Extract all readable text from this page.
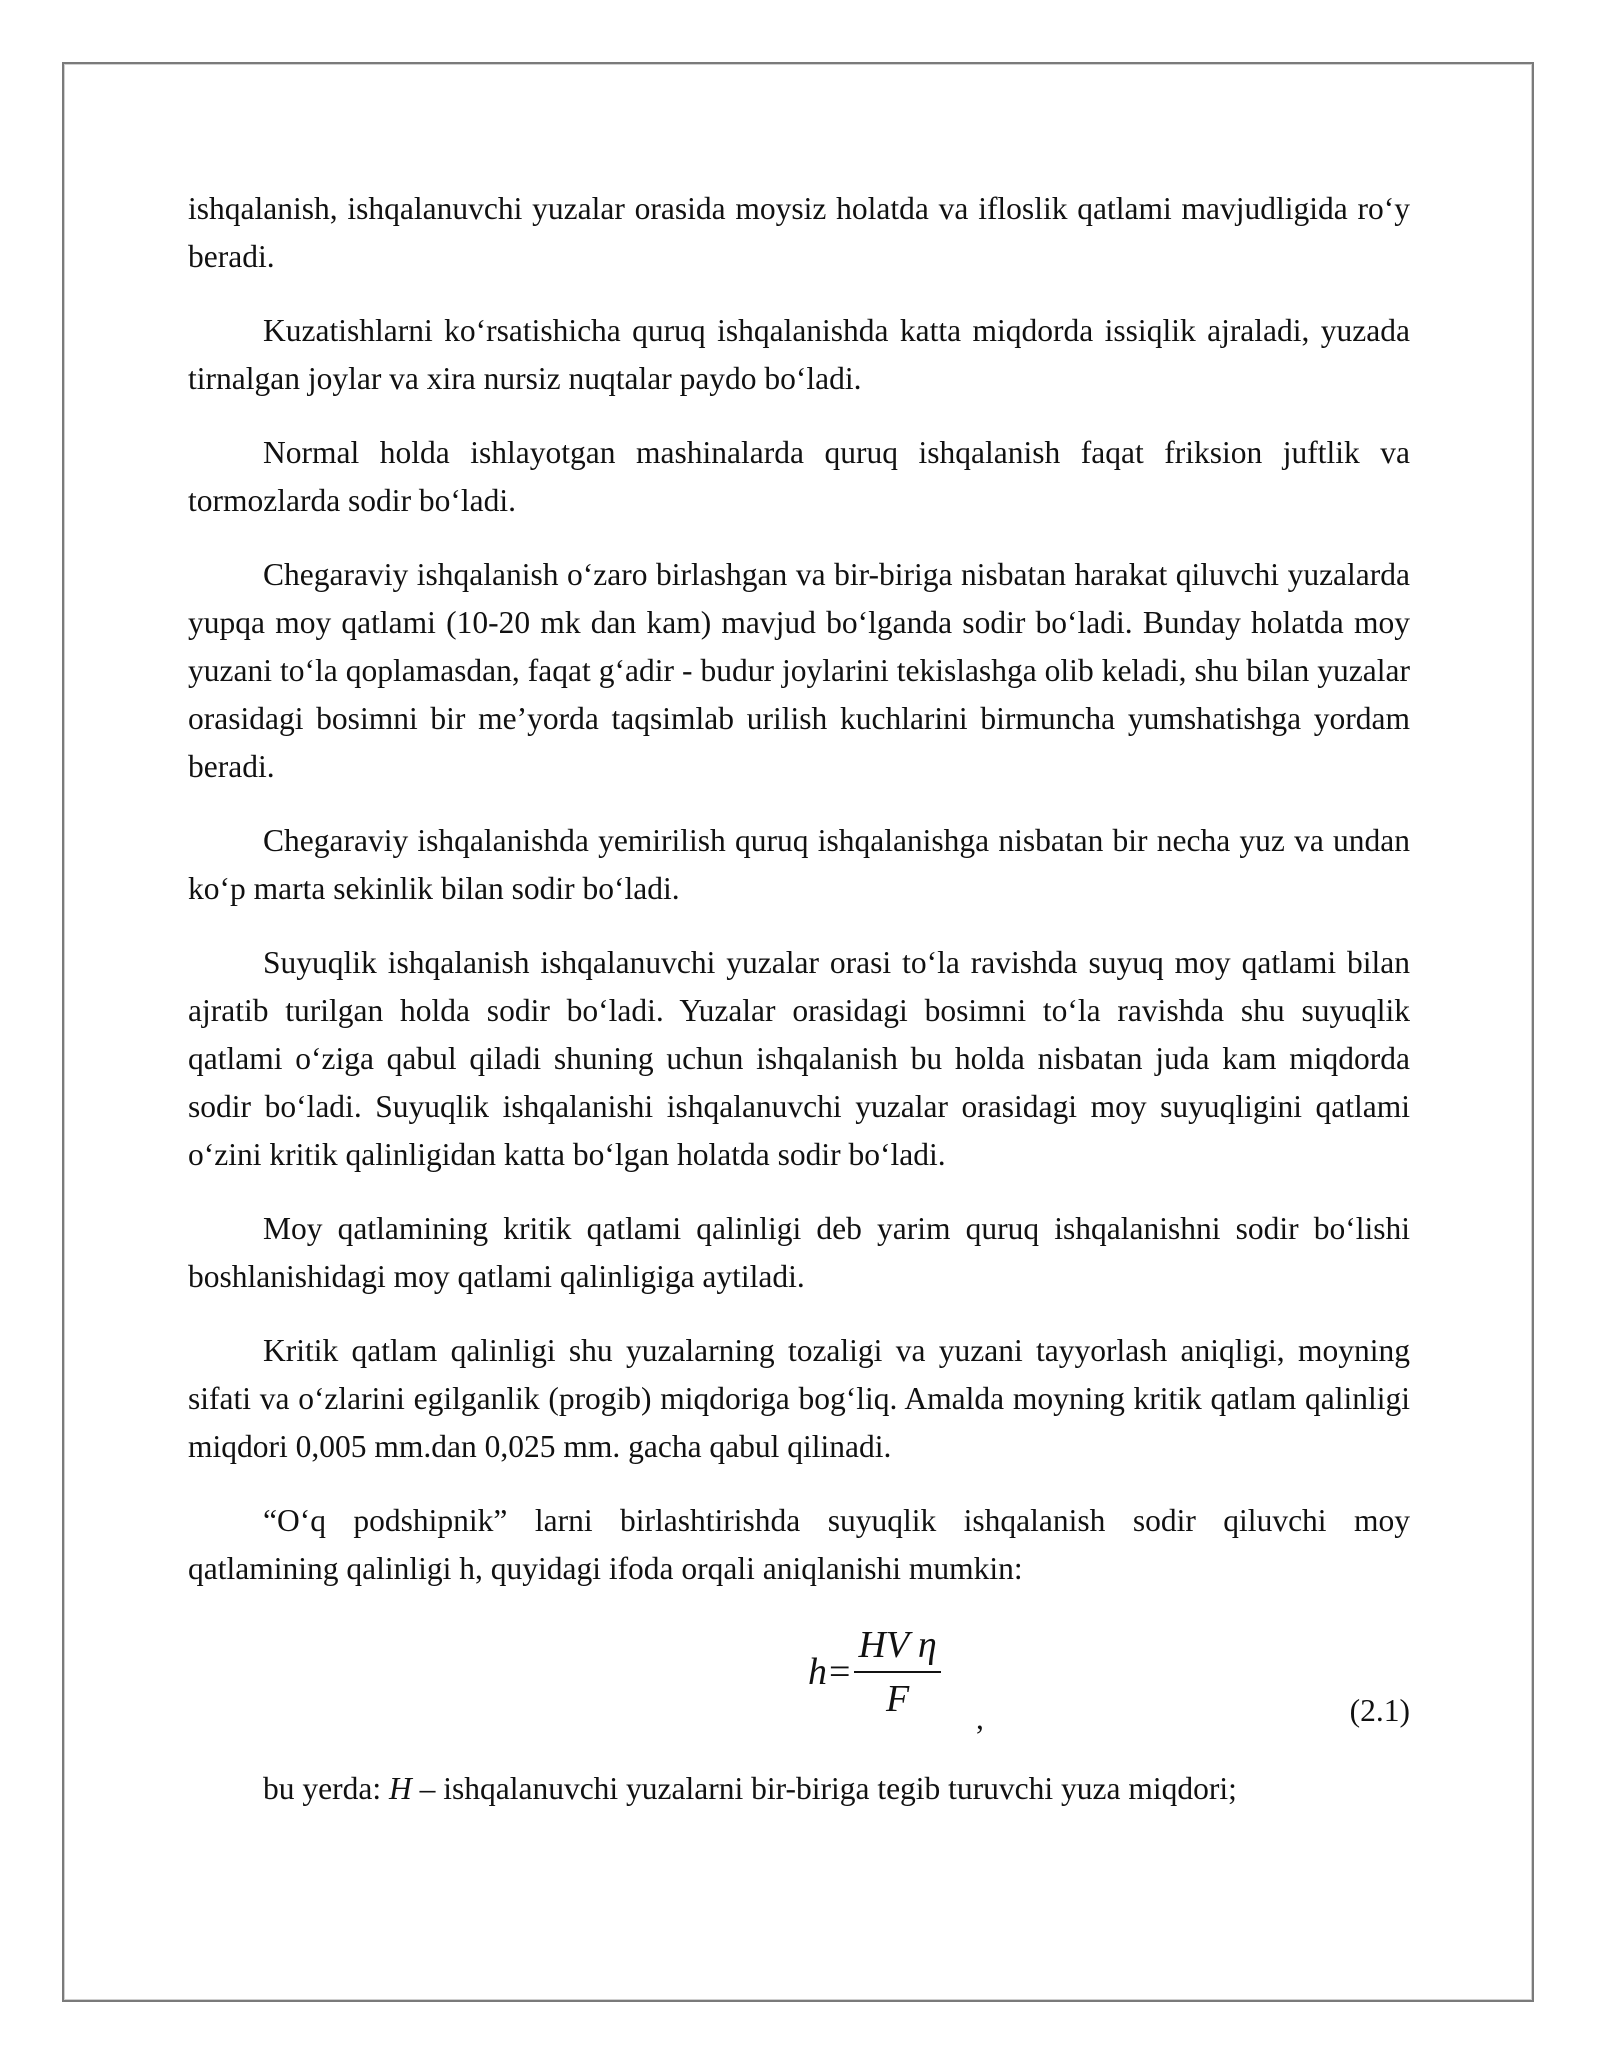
ishqalanish, ishqalanuvchi yuzalar orasida moysiz holatda va ifloslik qatlami mavjudligida ro‘y beradi.

Kuzatishlarni ko‘rsatishicha quruq ishqalanishda katta miqdorda issiqlik ajraladi, yuzada tirnalgan joylar va xira nursiz nuqtalar paydo bo‘ladi.

Normal holda ishlayotgan mashinalarda quruq ishqalanish faqat friksion juftlik va tormozlarda sodir bo‘ladi.

Chegaraviy ishqalanish o‘zaro birlashgan va bir-biriga nisbatan harakat qiluvchi yuzalarda yupqa moy qatlami (10-20 mk dan kam) mavjud bo‘lganda sodir bo‘ladi. Bunday holatda moy yuzani to‘la qoplamasdan, faqat g‘adir - budur joylarini tekislashga olib keladi, shu bilan yuzalar orasidagi bosimni bir me’yorda taqsimlab urilish kuchlarini birmuncha yumshatishga yordam beradi.

Chegaraviy ishqalanishda yemirilish quruq ishqalanishga nisbatan bir necha yuz va undan ko‘p marta sekinlik bilan sodir bo‘ladi.

Suyuqlik ishqalanish ishqalanuvchi yuzalar orasi to‘la ravishda suyuq moy qatlami bilan ajratib turilgan holda sodir bo‘ladi. Yuzalar orasidagi bosimni to‘la ravishda shu suyuqlik qatlami o‘ziga qabul qiladi shuning uchun ishqalanish bu holda nisbatan juda kam miqdorda sodir bo‘ladi. Suyuqlik ishqalanishi ishqalanuvchi yuzalar orasidagi moy suyuqligini qatlami o‘zini kritik qalinligidan katta bo‘lgan holatda sodir bo‘ladi.

Moy qatlamining kritik qatlami qalinligi deb yarim quruq ishqalanishni sodir bo‘lishi boshlanishidagi moy qatlami qalinligiga aytiladi.

Kritik qatlam qalinligi shu yuzalarning tozaligi va yuzani tayyorlash aniqligi, moyning sifati va o‘zlarini egilganlik (progib) miqdoriga bog‘liq. Amalda moyning kritik qatlam qalinligi miqdori 0,005 mm.dan 0,025 mm. gacha qabul qilinadi.

“O‘q podshipnik” larni birlashtirishda suyuqlik ishqalanish sodir qiluvchi moy qatlamining qalinligi h, quyidagi ifoda orqali aniqlanishi mumkin:

$h = \frac{\text{HV η}}{F}$ ,	(2.1)

bu yerda: H – ishqalanuvchi yuzalarni bir-biriga tegib turuvchi yuza miqdori;
